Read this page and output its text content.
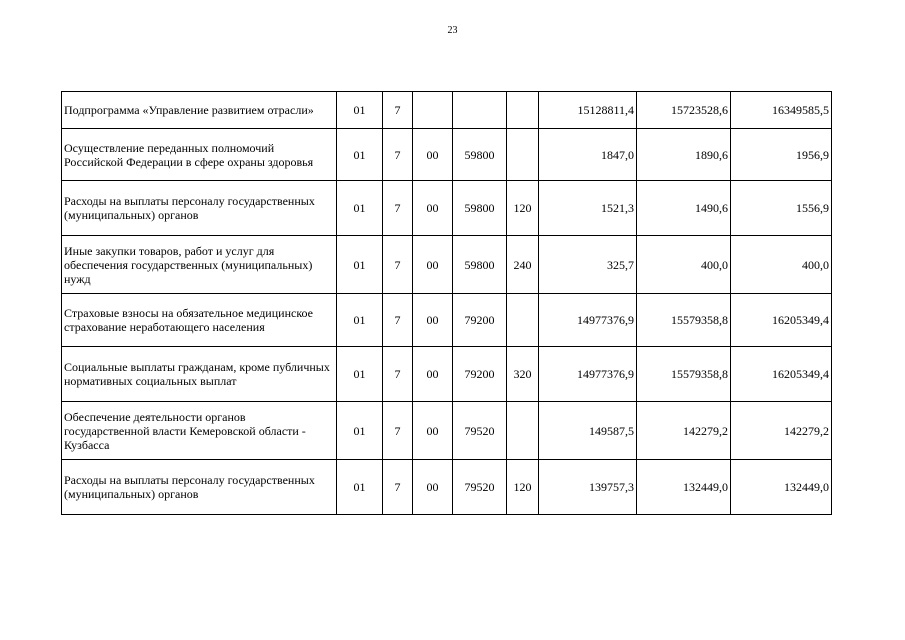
23
Подпрограмма «Управление развитием отрасли»	01	7				15128811,4	15723528,6	16349585,5
Осуществление переданных полномочий Российской Федерации в сфере охраны здоровья	01	7	00	59800		1847,0	1890,6	1956,9
Расходы на выплаты персоналу государственных (муниципальных) органов	01	7	00	59800	120	1521,3	1490,6	1556,9
Иные закупки товаров, работ и услуг для обеспечения государственных (муниципальных) нужд	01	7	00	59800	240	325,7	400,0	400,0
Страховые взносы на обязательное медицинское страхование неработающего населения	01	7	00	79200		14977376,9	15579358,8	16205349,4
Социальные выплаты гражданам, кроме публичных нормативных социальных выплат	01	7	00	79200	320	14977376,9	15579358,8	16205349,4
Обеспечение деятельности органов государственной власти Кемеровской области - Кузбасса	01	7	00	79520		149587,5	142279,2	142279,2
Расходы на выплаты персоналу государственных (муниципальных) органов	01	7	00	79520	120	139757,3	132449,0	132449,0
